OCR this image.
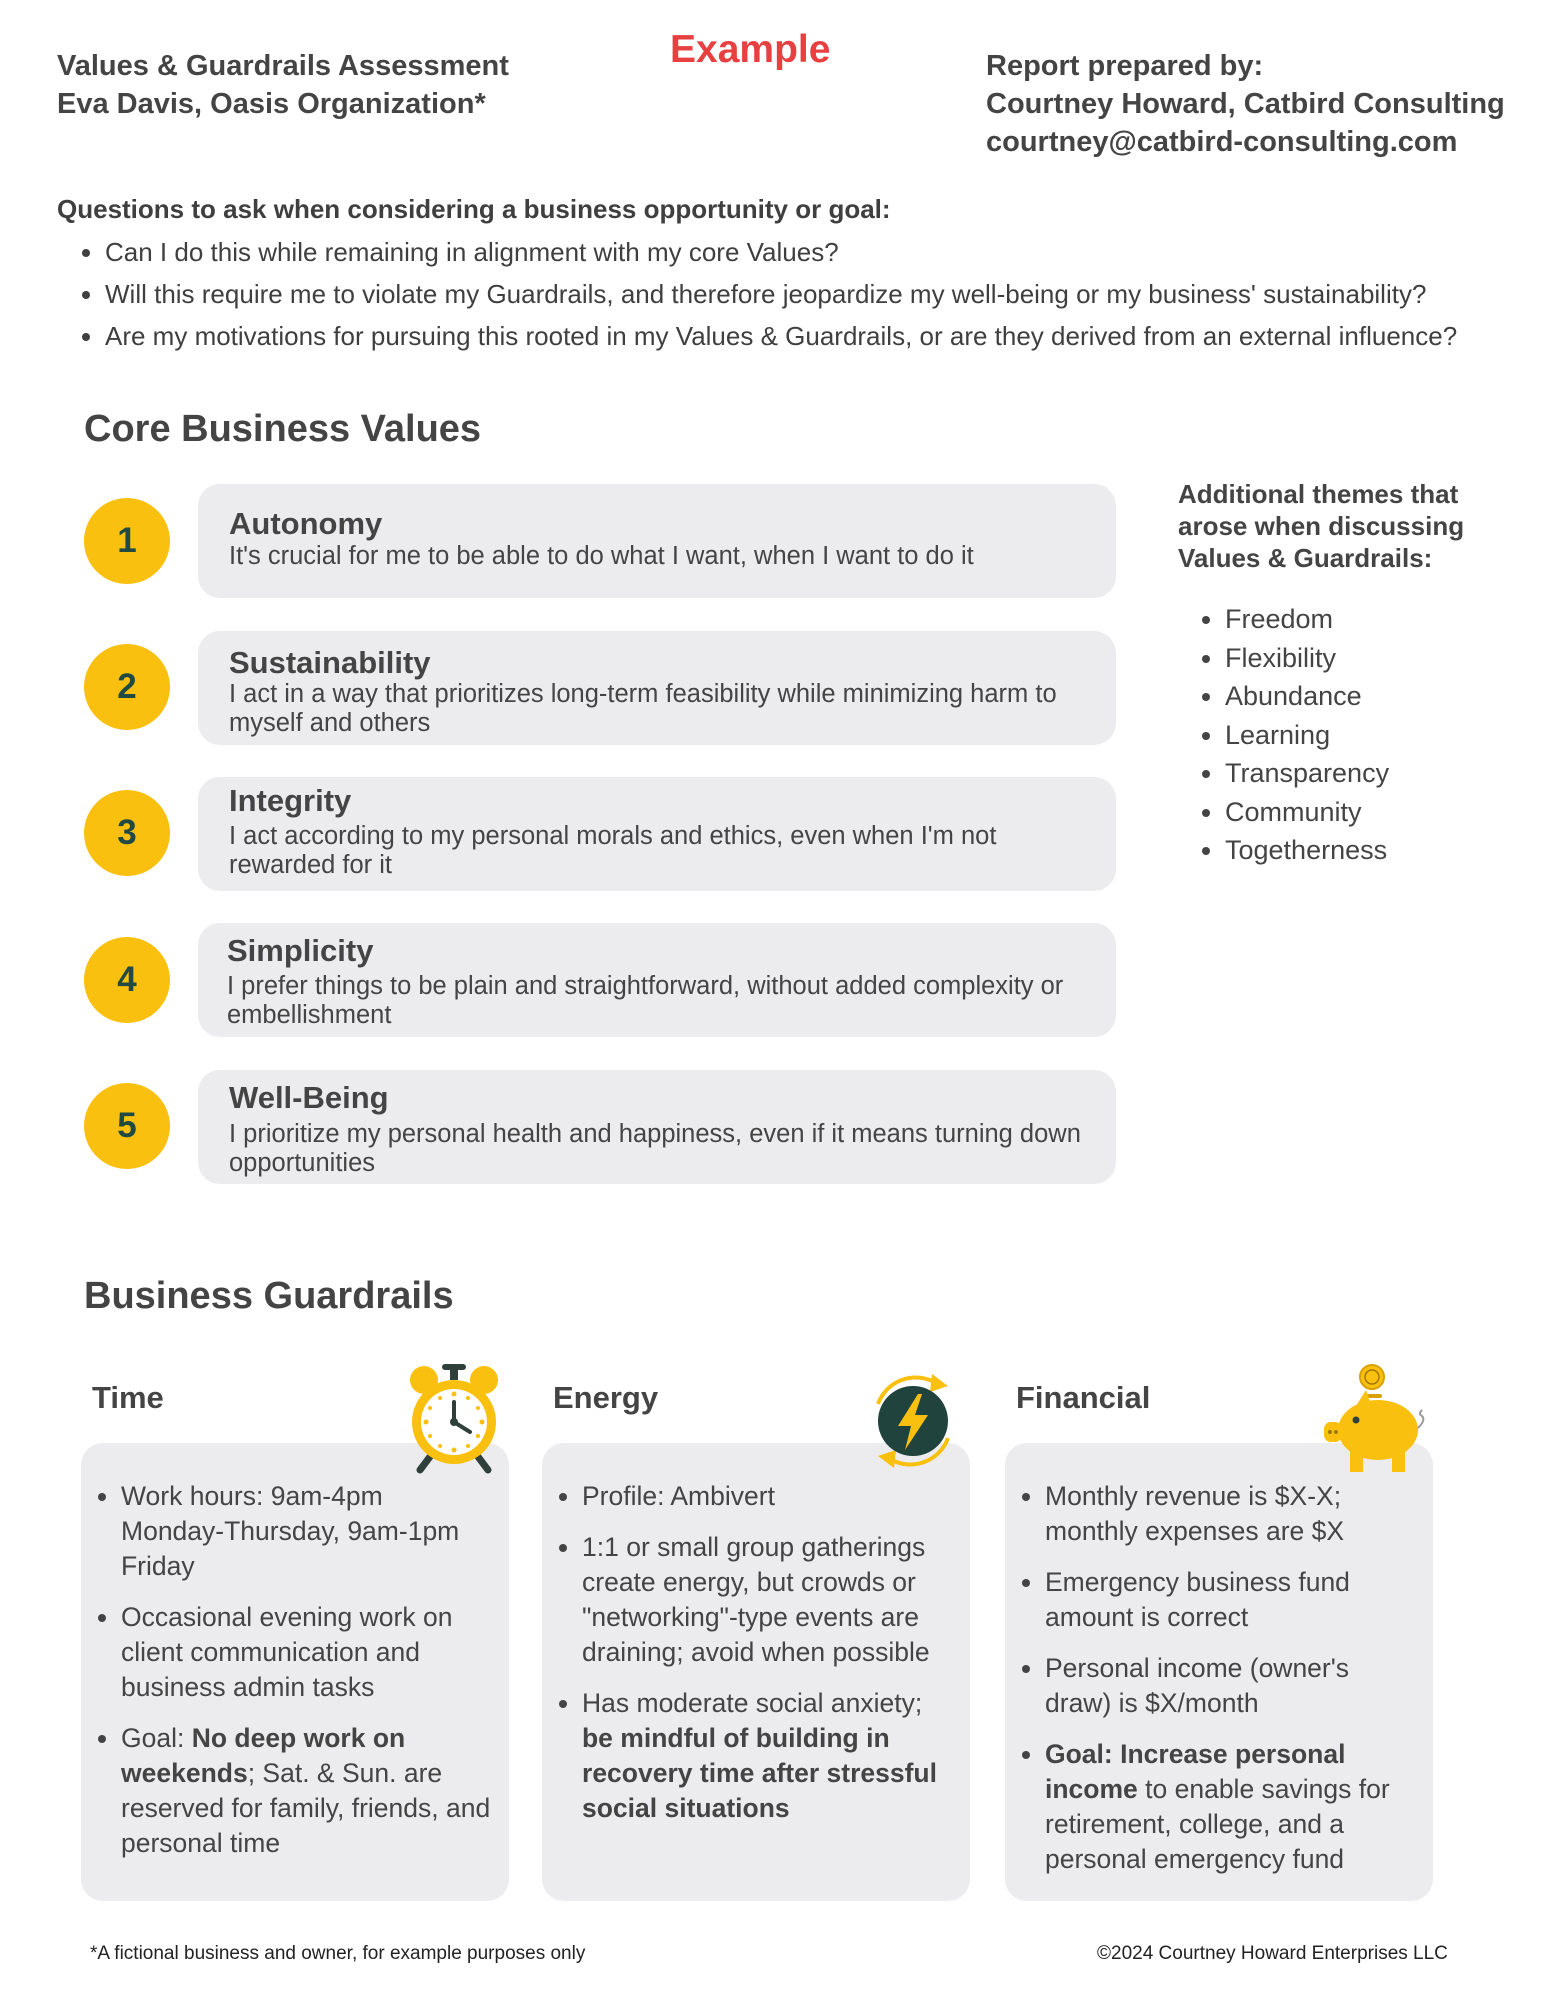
Values & Guardrails Assessment
Eva Davis, Oasis Organization*
Example	Report prepared by:
Courtney Howard, Catbird Consulting
courtney@catbird-consulting.com
Questions to ask when considering a business opportunity or goal:
• Can I do this while remaining in alignment with my core Values?
• Will this require me to violate my Guardrails, and therefore jeopardize my well-being or my business' sustainability?
• Are my motivations for pursuing this rooted in my Values & Guardrails, or are they derived from an external influence?
Core Business Values
1	Autonomy
It's crucial for me to be able to do what I want, when I want to do it
2
Sustainability
I act in a way that prioritizes long-term feasibility while minimizing harm to myself and others
3
Integrity
I act according to my personal morals and ethics, even when I'm not rewarded for it
4
Simplicity
I prefer things to be plain and straightforward, without added complexity or embellishment
5
Well-Being
I prioritize my personal health and happiness, even if it means turning down opportunities
Additional themes that arose when discussing Values & Guardrails:
• Freedom
• Flexibility
• Abundance
• Learning
• Transparency
• Community
• Togetherness
Business Guardrails
Time
• Work hours: 9am-4pm Monday-Thursday, 9am-1pm Friday
• Occasional evening work on client communication and business admin tasks
• Goal: No deep work on weekends; Sat. & Sun. are reserved for family, friends, and personal time
Energy
• Profile: Ambivert
• 1:1 or small group gatherings create energy, but crowds or "networking"-type events are draining; avoid when possible
• Has moderate social anxiety; be mindful of building in recovery time after stressful social situations
Financial
• Monthly revenue is $X-X; monthly expenses are $X
• Emergency business fund amount is correct
• Personal income (owner's draw) is $X/month
• Goal: Increase personal income to enable savings for retirement, college, and a personal emergency fund
*A fictional business and owner, for example purposes only	©2024 Courtney Howard Enterprises LLC
